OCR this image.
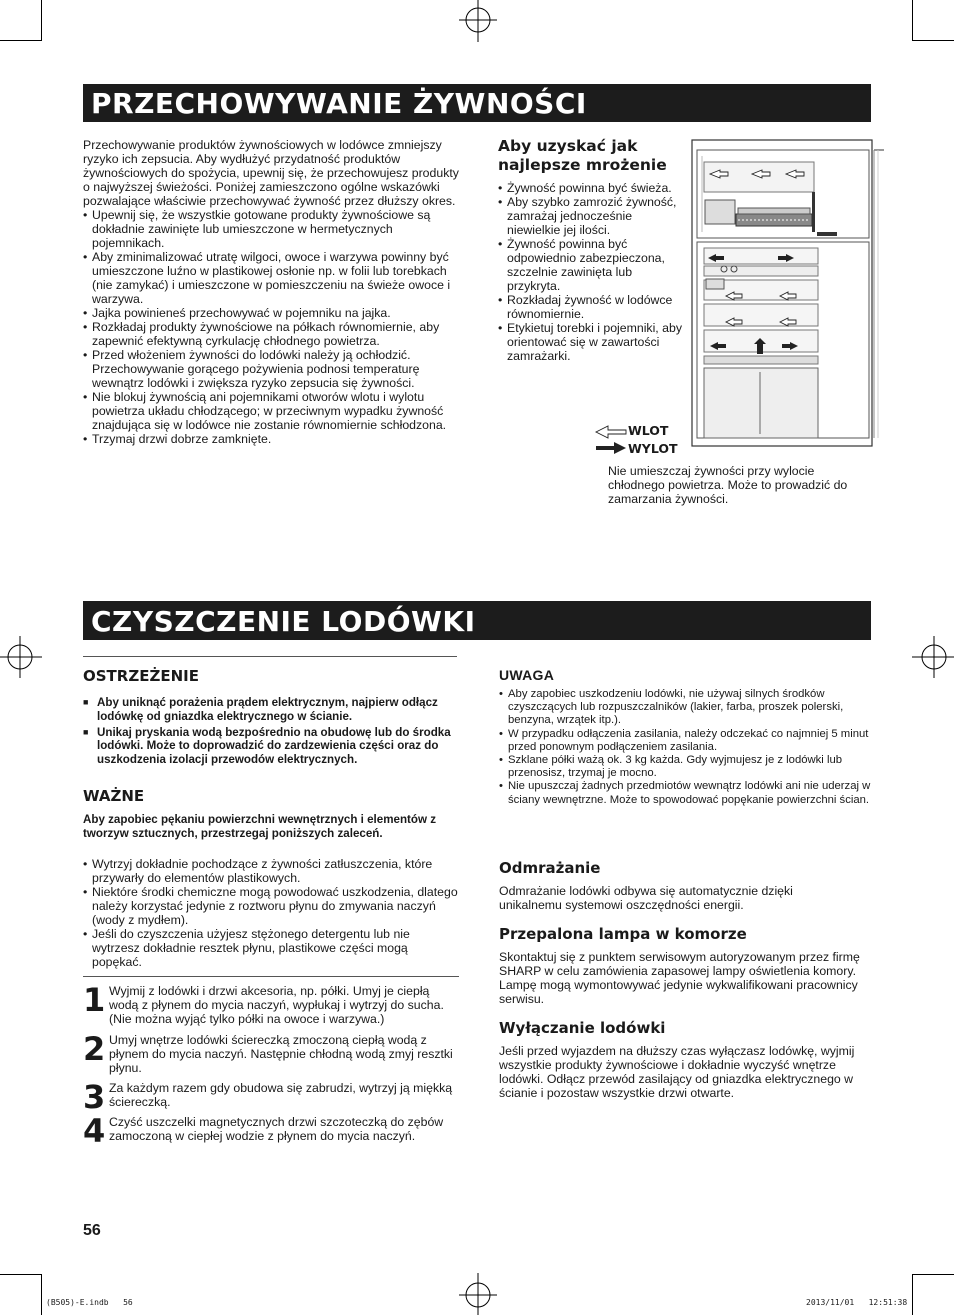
PRZECHOWYWANIE ŻYWNOŚCI

Przechowywanie produktów żywnościowych w lodówce zmniejszy ryzyko ich zepsucia. Aby wydłużyć przydatność produktów żywnościowych do spożycia, upewnij się, że przechowujesz produkty o najwyższej świeżości. Poniżej zamieszczono ogólne wskazówki pozwalające właściwie przechowywać żywność przez dłuższy okres.

• Upewnij się, że wszystkie gotowane produkty żywnościowe są dokładnie zawinięte lub umieszczone w hermetycznych pojemnikach.
• Aby zminimalizować utratę wilgoci, owoce i warzywa powinny być umieszczone luźno w plastikowej osłonie np. w folii lub torebkach (nie zamykać) i umieszczone w pomieszczeniu na świeże owoce i warzywa.
• Jajka powinieneś przechowywać w pojemniku na jajka.
• Rozkładaj produkty żywnościowe na półkach równomiernie, aby zapewnić efektywną cyrkulację chłodnego powietrza.
• Przed włożeniem żywności do lodówki należy ją ochłodzić. Przechowywanie gorącego pożywienia podnosi temperaturę wewnątrz lodówki i zwiększa ryzyko zepsucia się żywności.
• Nie blokuj żywnością ani pojemnikami otworów wlotu i wylotu powietrza układu chłodzącego; w przeciwnym wypadku żywność znajdująca się w lodówce nie zostanie równomiernie schłodzona.
• Trzymaj drzwi dobrze zamknięte.
Aby uzyskać jak najlepsze mrożenie
• Żywność powinna być świeża.
• Aby szybko zamrozić żywność, zamrażaj jednocześnie niewielkie jej ilości.
• Żywność powinna być odpowiednio zabezpieczona, szczelnie zawinięta lub przykryta.
• Rozkładaj żywność w lodówce równomiernie.
• Etykietuj torebki i pojemniki, aby orientować się w zawartości zamrażarki.
WLOT
WYLOT
Nie umieszczaj żywności przy wylocie chłodnego powietrza. Może to prowadzić do zamarzania żywności.
CZYSZCZENIE LODÓWKI
OSTRZEŻENIE
■ Aby uniknąć porażenia prądem elektrycznym, najpierw odłącz lodówkę od gniazdka elektrycznego w ścianie.
■ Unikaj pryskania wodą bezpośrednio na obudowę lub do środka lodówki. Może to doprowadzić do zardzewienia części oraz do uszkodzenia izolacji przewodów elektrycznych.
WAŻNE
Aby zapobiec pękaniu powierzchni wewnętrznych i elementów z tworzyw sztucznych, przestrzegaj poniższych zaleceń.
• Wytrzyj dokładnie pochodzące z żywności zatłuszczenia, które przywarły do elementów plastikowych.
• Niektóre środki chemiczne mogą powodować uszkodzenia, dlatego należy korzystać jedynie z roztworu płynu do zmywania naczyń (wody z mydłem).
• Jeśli do czyszczenia użyjesz stężonego detergentu lub nie wytrzesz dokładnie resztek płynu, plastikowe części mogą popękać.
1 Wyjmij z lodówki i drzwi akcesoria, np. półki. Umyj je ciepłą wodą z płynem do mycia naczyń, wypłukaj i wytrzyj do sucha. (Nie można wyjąć tylko półki na owoce i warzywa.)
2 Umyj wnętrze lodówki ściereczką zmoczoną ciepłą wodą z płynem do mycia naczyń. Następnie chłodną wodą zmyj resztki płynu.
3 Za każdym razem gdy obudowa się zabrudzi, wytrzyj ją miękką ściereczką.
4 Czyść uszczelki magnetycznych drzwi szczoteczką do zębów zamoczoną w ciepłej wodzie z płynem do mycia naczyń.
UWAGA
• Aby zapobiec uszkodzeniu lodówki, nie używaj silnych środków czyszczących lub rozpuszczalników (lakier, farba, proszek polerski, benzyna, wrzątek itp.).
• W przypadku odłączenia zasilania, należy odczekać co najmniej 5 minut przed ponownym podłączeniem zasilania.
• Szklane półki ważą ok. 3 kg każda. Gdy wyjmujesz je z lodówki lub przenosisz, trzymaj je mocno.
• Nie upuszczaj żadnych przedmiotów wewnątrz lodówki ani nie uderzaj w ściany wewnętrzne. Może to spowodować popękanie powierzchni ścian.
Odmrażanie
Odmrażanie lodówki odbywa się automatycznie dzięki unikalnemu systemowi oszczędności energii.
Przepalona lampa w komorze
Skontaktuj się z punktem serwisowym autoryzowanym przez firmę SHARP w celu zamówienia zapasowej lampy oświetlenia komory. Lampę mogą wymontowywać jedynie wykwalifikowani pracownicy serwisu.
Wyłączanie lodówki
Jeśli przed wyjazdem na dłuższy czas wyłączasz lodówkę, wyjmij wszystkie produkty żywnościowe i dokładnie wyczyść wnętrze lodówki. Odłącz przewód zasilający od gniazdka elektrycznego w ścianie i pozostaw wszystkie drzwi otwarte.
56
(B505)-E.indb   56	2013/11/01   12:51:38
